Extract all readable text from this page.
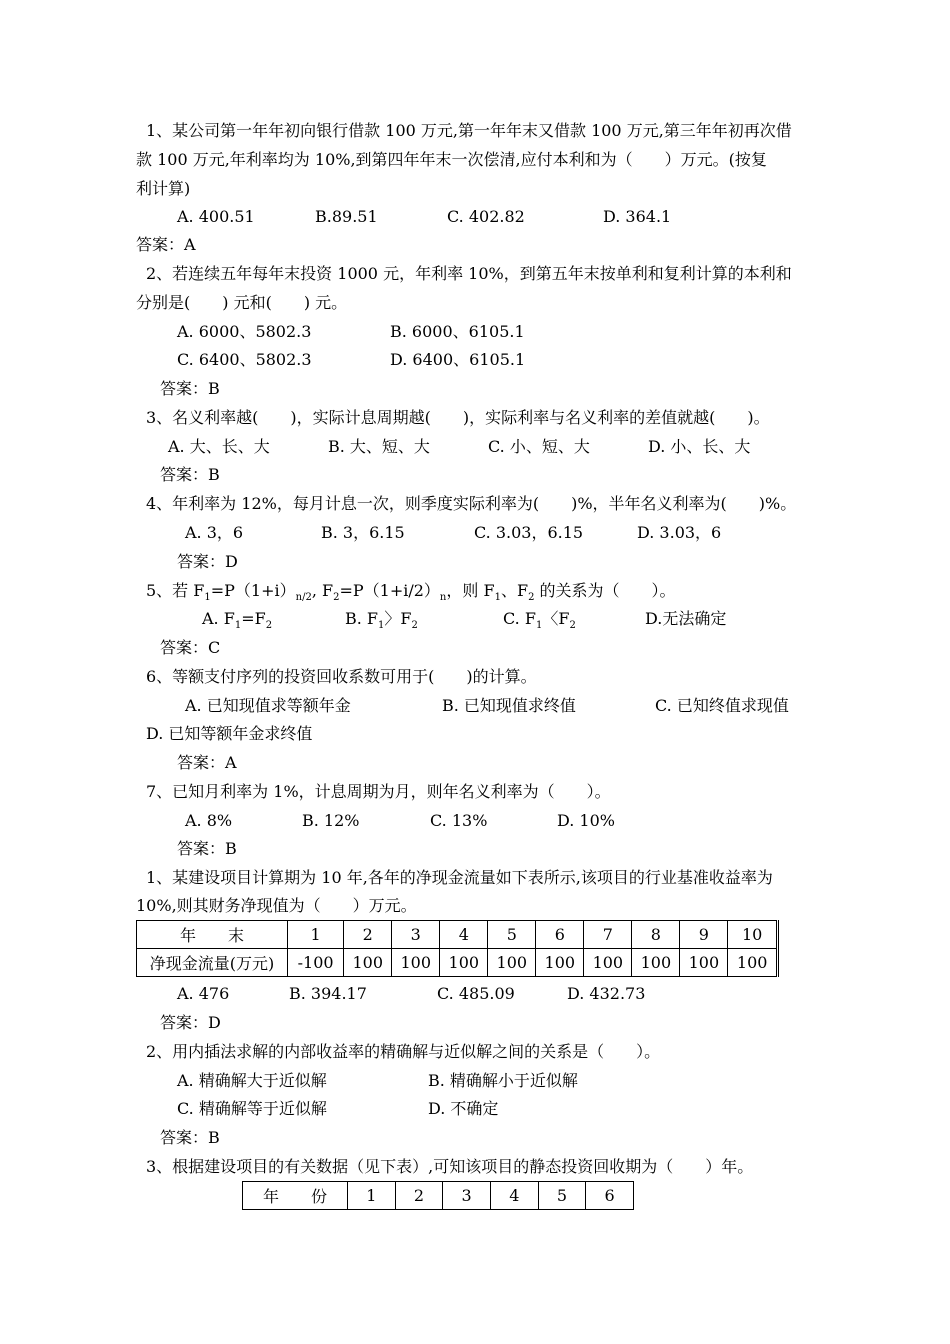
1、某公司第一年年初向银行借款 100 万元,第一年年末又借款 100 万元,第三年年初再次借
款 100 万元,年利率均为 10%,到第四年年末一次偿清,应付本利和为（　　）万元。(按复
利计算)
A. 400.51	B.89.51	C. 402.82	D. 364.1
答案：A
2、若连续五年每年末投资 1000 元，年利率 10%，到第五年末按单利和复利计算的本利和
分别是(　　) 元和(　　) 元。
A. 6000、5802.3	B. 6000、6105.1
C. 6400、5802.3	D. 6400、6105.1
答案：B
3、名义利率越(　　)，实际计息周期越(　　)，实际利率与名义利率的差值就越(　　)。
A. 大、长、大	B. 大、短、大	C. 小、短、大	D. 小、长、大
答案：B
4、年利率为 12%，每月计息一次，则季度实际利率为(　　)%，半年名义利率为(　　)%。
A. 3，6	B. 3，6.15	C. 3.03，6.15	D. 3.03，6
答案：D
5、若 $F_1=P(1+i)_{n/2}$, $F_2=P(1+i/2)_n$，则 $F_1$、$F_2$ 的关系为（　　）。
A. $F_1=F_2$	B. $F_1$〉$F_2$	C. $F_1$〈$F_2$	D.无法确定
答案：C
6、等额支付序列的投资回收系数可用于(　　)的计算。
A. 已知现值求等额年金	B. 已知现值求终值	C. 已知终值求现值
D. 已知等额年金求终值
答案：A
7、已知月利率为 1%，计息周期为月，则年名义利率为（　　）。
A. 8%	B. 12%	C. 13%	D. 10%
答案：B
1、某建设项目计算期为 10 年,各年的净现金流量如下表所示,该项目的行业基准收益率为
10%,则其财务净现值为（　　）万元。
年　　末	1	2	3	4	5	6	7	8	9	10
净现金流量(万元)	-100	100	100	100	100	100	100	100	100	100
A. 476	B. 394.17	C. 485.09	D. 432.73
答案：D
2、用内插法求解的内部收益率的精确解与近似解之间的关系是（　　）。
A. 精确解大于近似解	B. 精确解小于近似解
C. 精确解等于近似解	D. 不确定
答案：B
3、根据建设项目的有关数据（见下表）,可知该项目的静态投资回收期为（　　）年。
年　　份	1	2	3	4	5	6
